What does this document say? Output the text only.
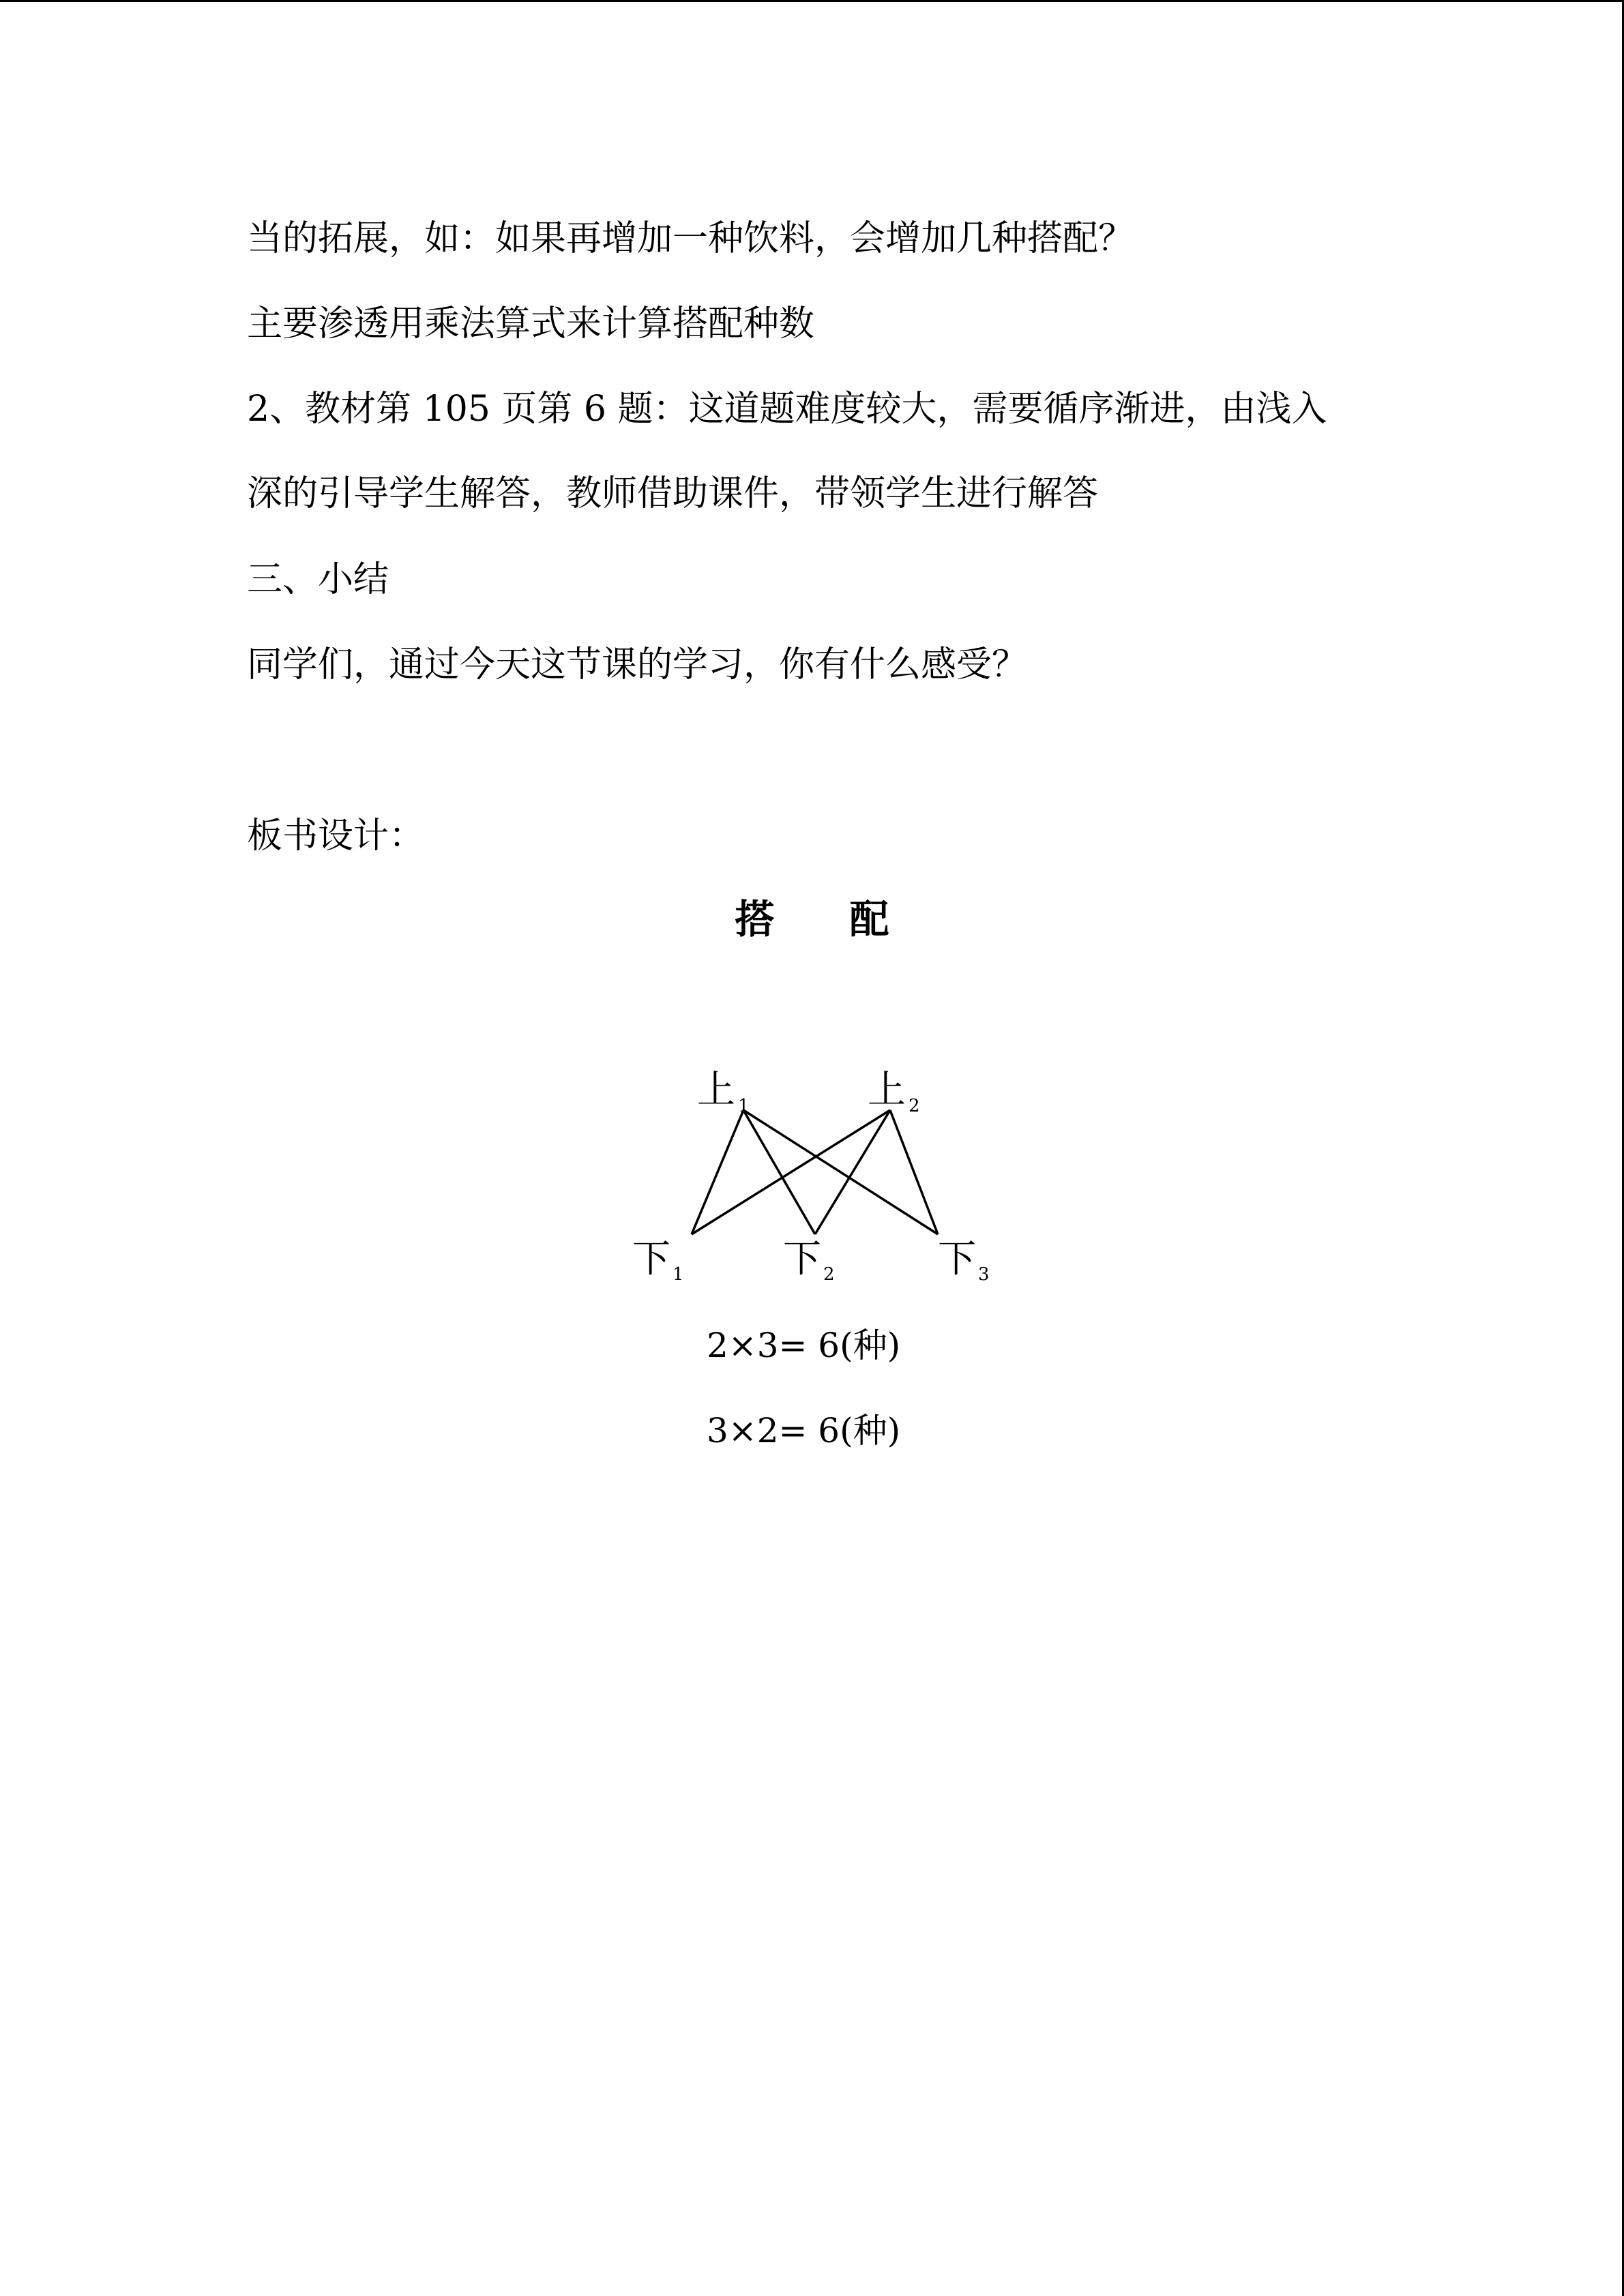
当的拓展，如：如果再增加一种饮料，会增加几种搭配？
主要渗透用乘法算式来计算搭配种数
2、教材第 105 页第 6 题：这道题难度较大，需要循序渐进，由浅入
深的引导学生解答，教师借助课件，带领学生进行解答
三、小结
同学们，通过今天这节课的学习，你有什么感受？
板书设计：
搭 配
上 1	上 2
下 1	下 2	下 3
2×3= 6(种)
3×2= 6(种)
